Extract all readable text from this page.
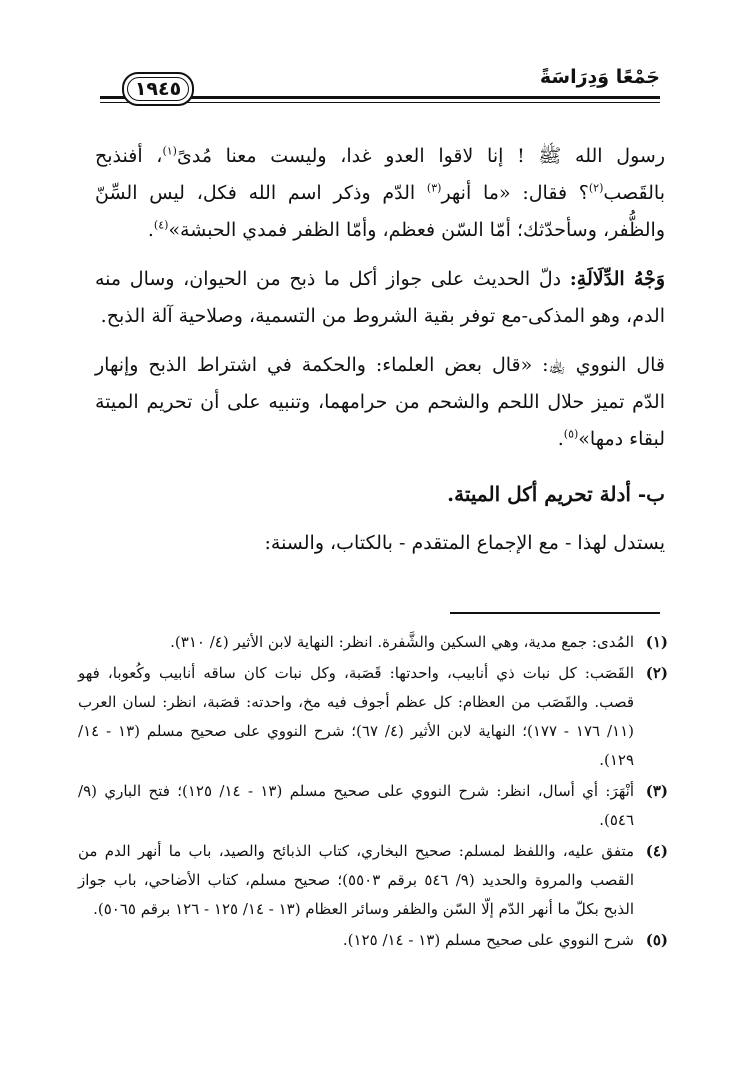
جَمْعًا وَدِرَاسَةً
١٩٤٥

رسول الله ﷺ ! إنا لاقوا العدو غدا، وليست معنا مُدىً$^{(١)}$، أفنذبح بالقَصب$^{(٢)}$؟ فقال: «ما أنهر$^{(٣)}$ الدّم وذكر اسم الله فكل، ليس السِّنّ والظُّفر، وسأحدّثك؛ أمّا السّن فعظم، وأمّا الظفر فمدي الحبشة»$^{(٤)}$.

وَجْهُ الدِّلَالَةِ: دلّ الحديث على جواز أكل ما ذبح من الحيوان، وسال منه الدم، وهو المذكى-مع توفر بقية الشروط من التسمية، وصلاحية آلة الذبح.

قال النووي ﵀: «قال بعض العلماء: والحكمة في اشتراط الذبح وإنهار الدّم تميز حلال اللحم والشحم من حرامهما، وتنبيه على أن تحريم الميتة لبقاء دمها»$^{(٥)}$.

ب- أدلة تحريم أكل الميتة.

يستدل لهذا - مع الإجماع المتقدم - بالكتاب، والسنة:

(١)
المُدى: جمع مدية، وهي السكين والشَّفرة. انظر: النهاية لابن الأثير (٤/ ٣١٠).
(٢)
القَصَب: كل نبات ذي أنابيب، واحدتها: قَصَبة، وكل نبات كان ساقه أنابيب وكُعوبا، فهو قصب. والقَصَب من العظام: كل عظم أجوف فيه مخ، واحدته: قصَبة، انظر: لسان العرب (١١/ ١٧٦ - ١٧٧)؛ النهاية لابن الأثير (٤/ ٦٧)؛ شرح النووي على صحيح مسلم (١٣ - ١٤/ ١٢٩).
(٣)
أنْهَرَ: أي أسال، انظر: شرح النووي على صحيح مسلم (١٣ - ١٤/ ١٢٥)؛ فتح الباري (٩/ ٥٤٦).
(٤)
متفق عليه، واللفظ لمسلم: صحيح البخاري، كتاب الذبائح والصيد، باب ما أنهر الدم من القصب والمروة والحديد (٩/ ٥٤٦ برقم ٥٥٠٣)؛ صحيح مسلم، كتاب الأضاحي، باب جواز الذبح بكلّ ما أنهر الدّم إلّا السّن والظفر وسائر العظام (١٣ - ١٤/ ١٢٥ - ١٢٦ برقم ٥٠٦٥).
(٥)
شرح النووي على صحيح مسلم (١٣ - ١٤/ ١٢٥).
